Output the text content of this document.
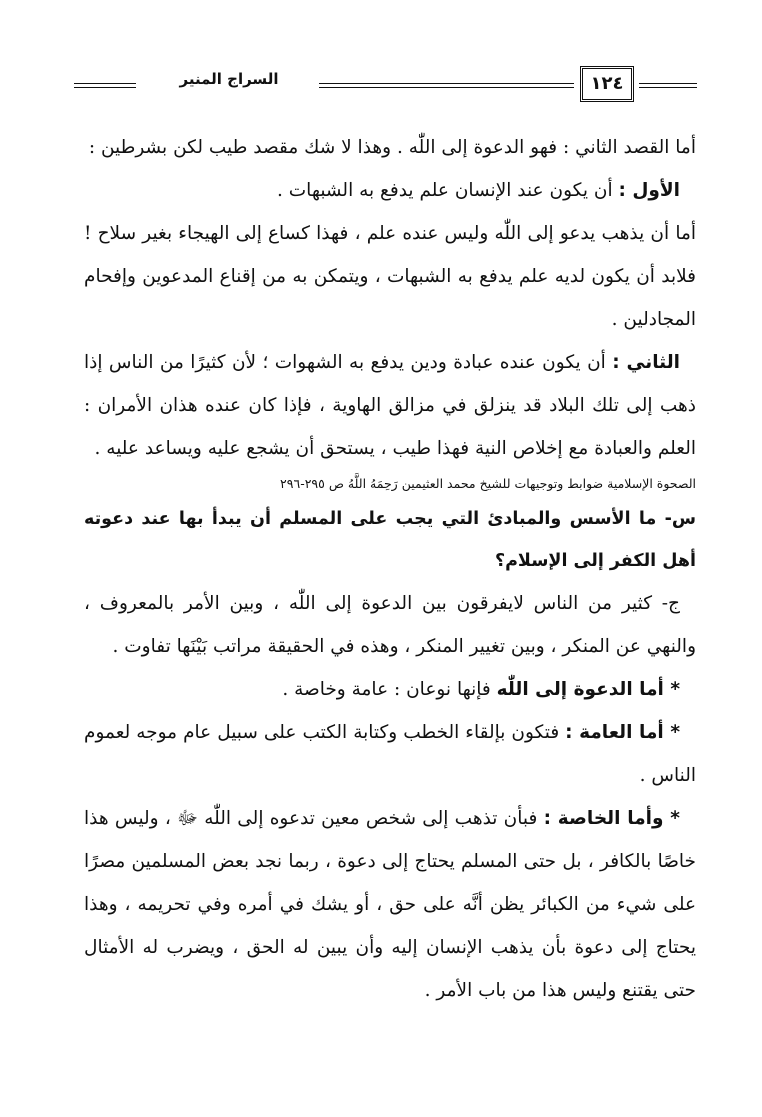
السراج المنير	١٢٤

أما القصد الثاني : فهو الدعوة إلى اللّٰه . وهذا لا شك مقصد طيب لكن بشرطين :

الأول : أن يكون عند الإنسان علم يدفع به الشبهات .

أما أن يذهب يدعو إلى اللّٰه وليس عنده علم ، فهذا كساع إلى الهيجاء بغير سلاح ! فلابد أن يكون لديه علم يدفع به الشبهات ، ويتمكن به من إقناع المدعوين وإفحام المجادلين .

الثاني : أن يكون عنده عبادة ودين يدفع به الشهوات ؛ لأن كثيرًا من الناس إذا ذهب إلى تلك البلاد قد ينزلق في مزالق الهاوية ، فإذا كان عنده هذان الأمران : العلم والعبادة مع إخلاص النية فهذا طيب ، يستحق أن يشجع عليه ويساعد عليه .

الصحوة الإسلامية ضوابط وتوجيهات للشيخ محمد العثيمين رَحِمَهُ اللَّهُ ص ٢٩٥-٢٩٦

س- ما الأسس والمبادئ التي يجب على المسلم أن يبدأ بها عند دعوته أهل الكفر إلى الإسلام؟

ج- كثير من الناس لايفرقون بين الدعوة إلى اللّٰه ، وبين الأمر بالمعروف ، والنهي عن المنكر ، وبين تغيير المنكر ، وهذه في الحقيقة مراتب بَيْنَها تفاوت .

* أما الدعوة إلى اللّٰه فإنها نوعان : عامة وخاصة .

* أما العامة : فتكون بإلقاء الخطب وكتابة الكتب على سبيل عام موجه لعموم الناس .

* وأما الخاصة : فبأن تذهب إلى شخص معين تدعوه إلى اللّٰه ﷻ ، وليس هذا خاصًا بالكافر ، بل حتى المسلم يحتاج إلى دعوة ، ربما نجد بعض المسلمين مصرًا على شيء من الكبائر يظن أنَّه على حق ، أو يشك في أمره وفي تحريمه ، وهذا يحتاج إلى دعوة بأن يذهب الإنسان إليه وأن يبين له الحق ، ويضرب له الأمثال حتى يقتنع وليس هذا من باب الأمر .
